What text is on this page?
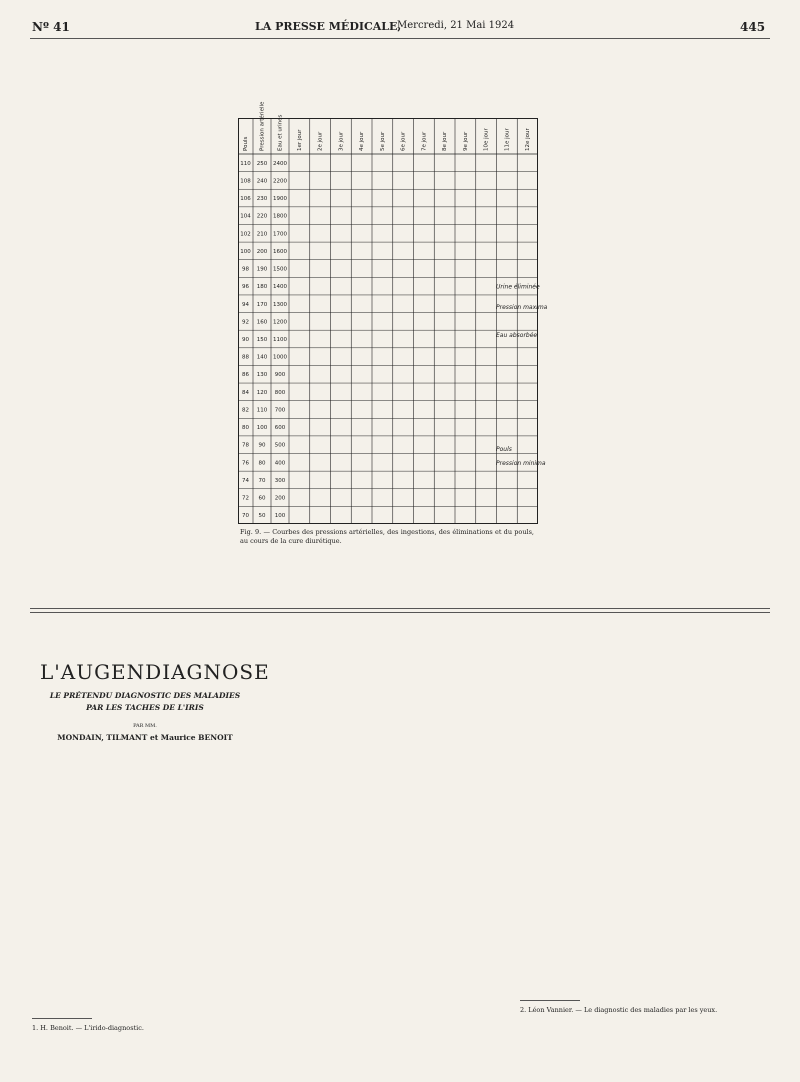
Nº 41	LA PRESSE MÉDICALE,
Mercredi, 21 Mai 1924	445
Pouls Pression artérielle Eau et urines 1er jour	2e jour	3e jour	4e jour	5e jour	6e jour	7e jour	8e jour	9e jour	10e jour	11e jour	12e jour
110 250 2400
108 240 2200
106 230 1900
104 220 1800
102 210 1700
100 200 1600
98 190 1500
96 180 1400
94 170 1300
92 160 1200
90 150 1100
88 140 1000
86 130 900
84 120 800
82 110 700
80 100 600
78 90 500
76 80 400
74 70 300
72 60 200
70 50 100
Urine éliminée
Pression maxima
Eau absorbée
Pouls
Pression minima
Fig. 9. — Courbes des pressions artérielles, des ingestions, des éliminations et du pouls, au cours de la cure diurétique.
L'AUGENDIAGNOSE
LE PRÉTENDU DIAGNOSTIC DES MALADIES PAR LES TACHES DE L'IRIS
PAR MM.
MONDAIN, TILMANT et Maurice BENOIT
1. H. Benoit. — L'irido-diagnostic.
2. Léon Vannier. — Le diagnostic des maladies par les yeux.
